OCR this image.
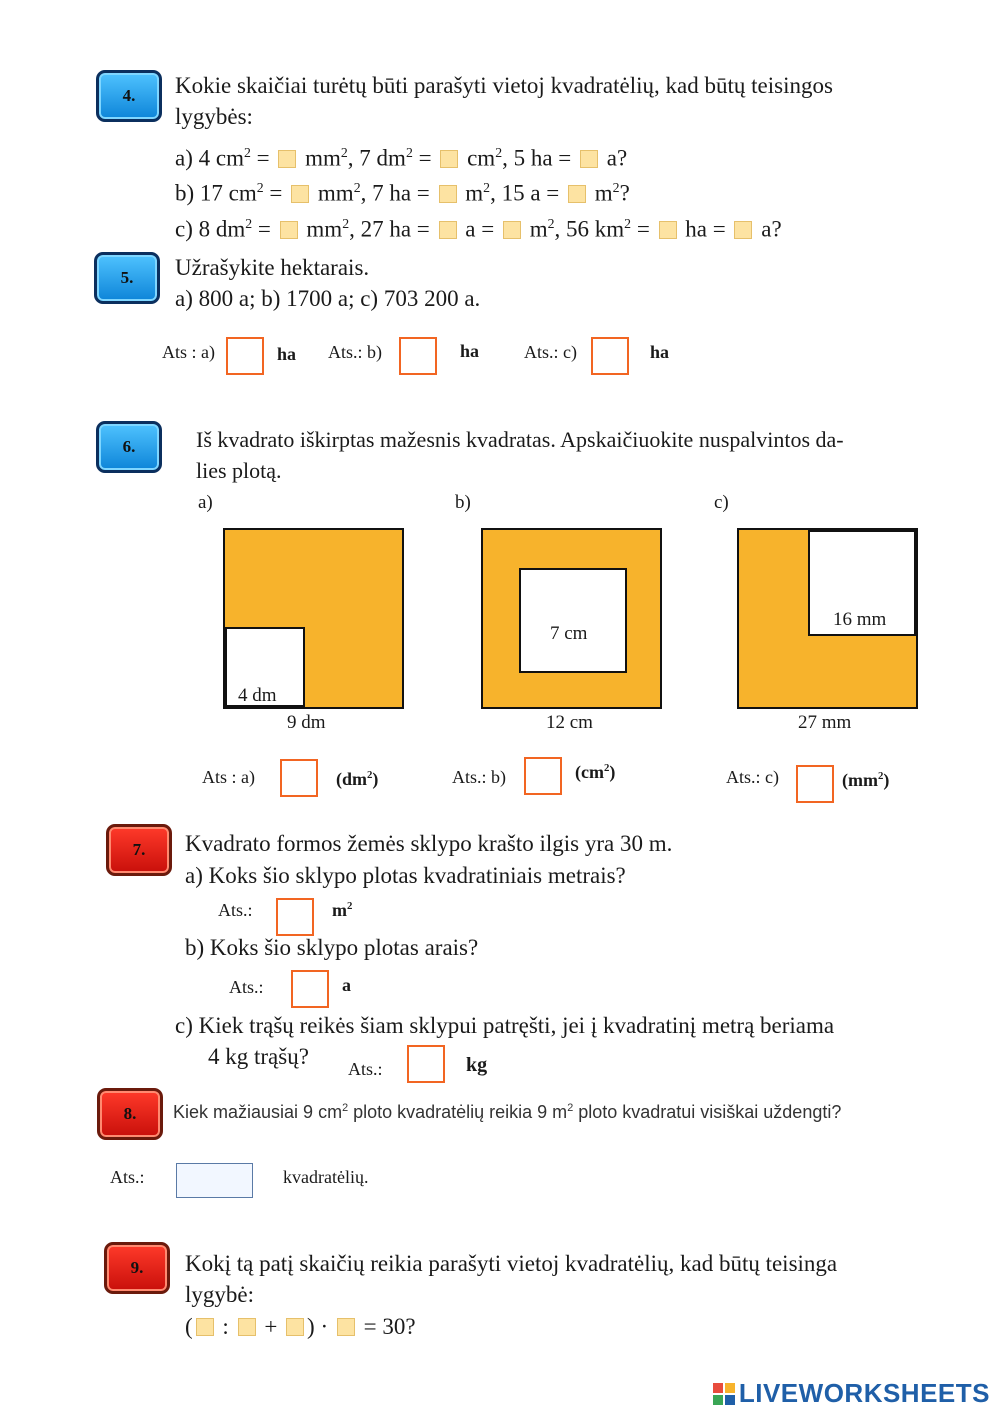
4. Kokie skaičiai turėtų būti parašyti vietoj kvadratėlių, kad būtų teisingos
lygybės:
a) 4 $cm^2 = mm^2$, 7 $dm^2 = cm^2$, 5 ha =  a?
b) 17 $cm^2 = mm^2$, 7 ha =  $m^2$, 15 $a = m^2$?
c) 8 $dm^2 = mm^2$, 27 ha =  $a = m^2$, 56 $km^2$ =  ha =  a?
5. Užrašykite hektarais.
a) 800 a; b) 1700 a; c) 703 200 a.
Ats : a)	ha Ats.: b)	ha Ats.: c)	ha
6.	Iš kvadrato iškirptas mažesnis kvadratas. Apskaičiuokite nuspalvintos da-
lies plotą.
a)
4 dm
9 dm
b)
7 cm
12 cm
c)
16 mm
27 mm
Ats : a)	$(dm^2)$	Ats.: b)	$(cm^2)$	Ats.: c)	$(mm^2)$
7. Kvadrato formos žemės sklypo krašto ilgis yra 30 m.
a) Koks šio sklypo plotas kvadratiniais metrais?
Ats.:	$m^2$
b) Koks šio sklypo plotas arais?
Ats.:	a
c) Kiek trąšų reikės šiam sklypui patręšti, jei į kvadratinį metrą beriama
4 kg trąšų?	Ats.:	kg
8. Kiek mažiausiai 9 $cm^2$ ploto kvadratėlių reikia 9 $m^2$ ploto kvadratui visiškai uždengti?
Ats.:	kvadratėlių.
9. Kokį tą patį skaičių reikia parašyti vietoj kvadratėlių, kad būtų teisinga
lygybė:
( :  + ) ·  = 30?
LIVEWORKSHEETS
